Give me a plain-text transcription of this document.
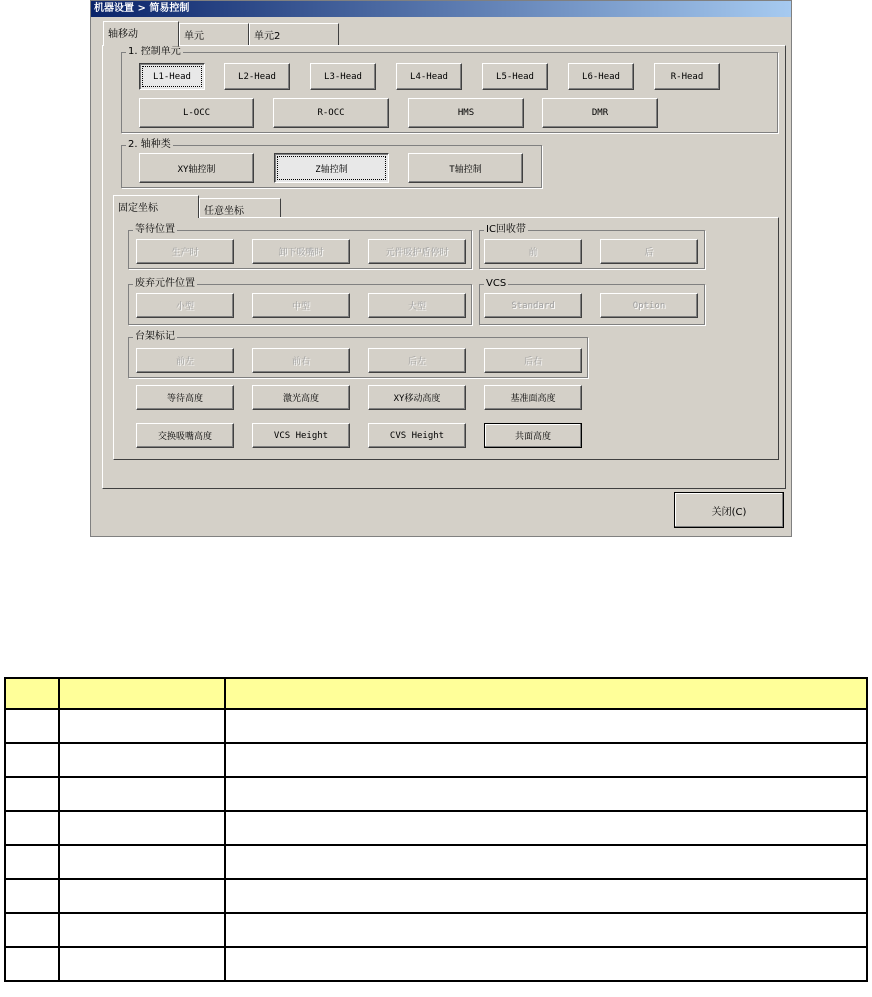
机器设置 > 简易控制
轴移动	单元	单元2
1. 控制单元
L1-Head	L2-Head	L3-Head	L4-Head	L5-Head	L6-Head	R-Head
L-OCC	R-OCC	HMS	DMR
2. 轴种类
XY轴控制	Z轴控制	T轴控制
固定坐标	任意坐标
等待位置
生产时	卸下吸嘴时	元件吸护盾停时
IC回收带
前	后
废弃元件位置
小型	中型	大型
VCS
Standard	Option
台架标记
前左	前右	后左	后右
等待高度	激光高度	XY移动高度	基准面高度
交换吸嘴高度	VCS Height	CVS Height	共面高度
关闭(C)
